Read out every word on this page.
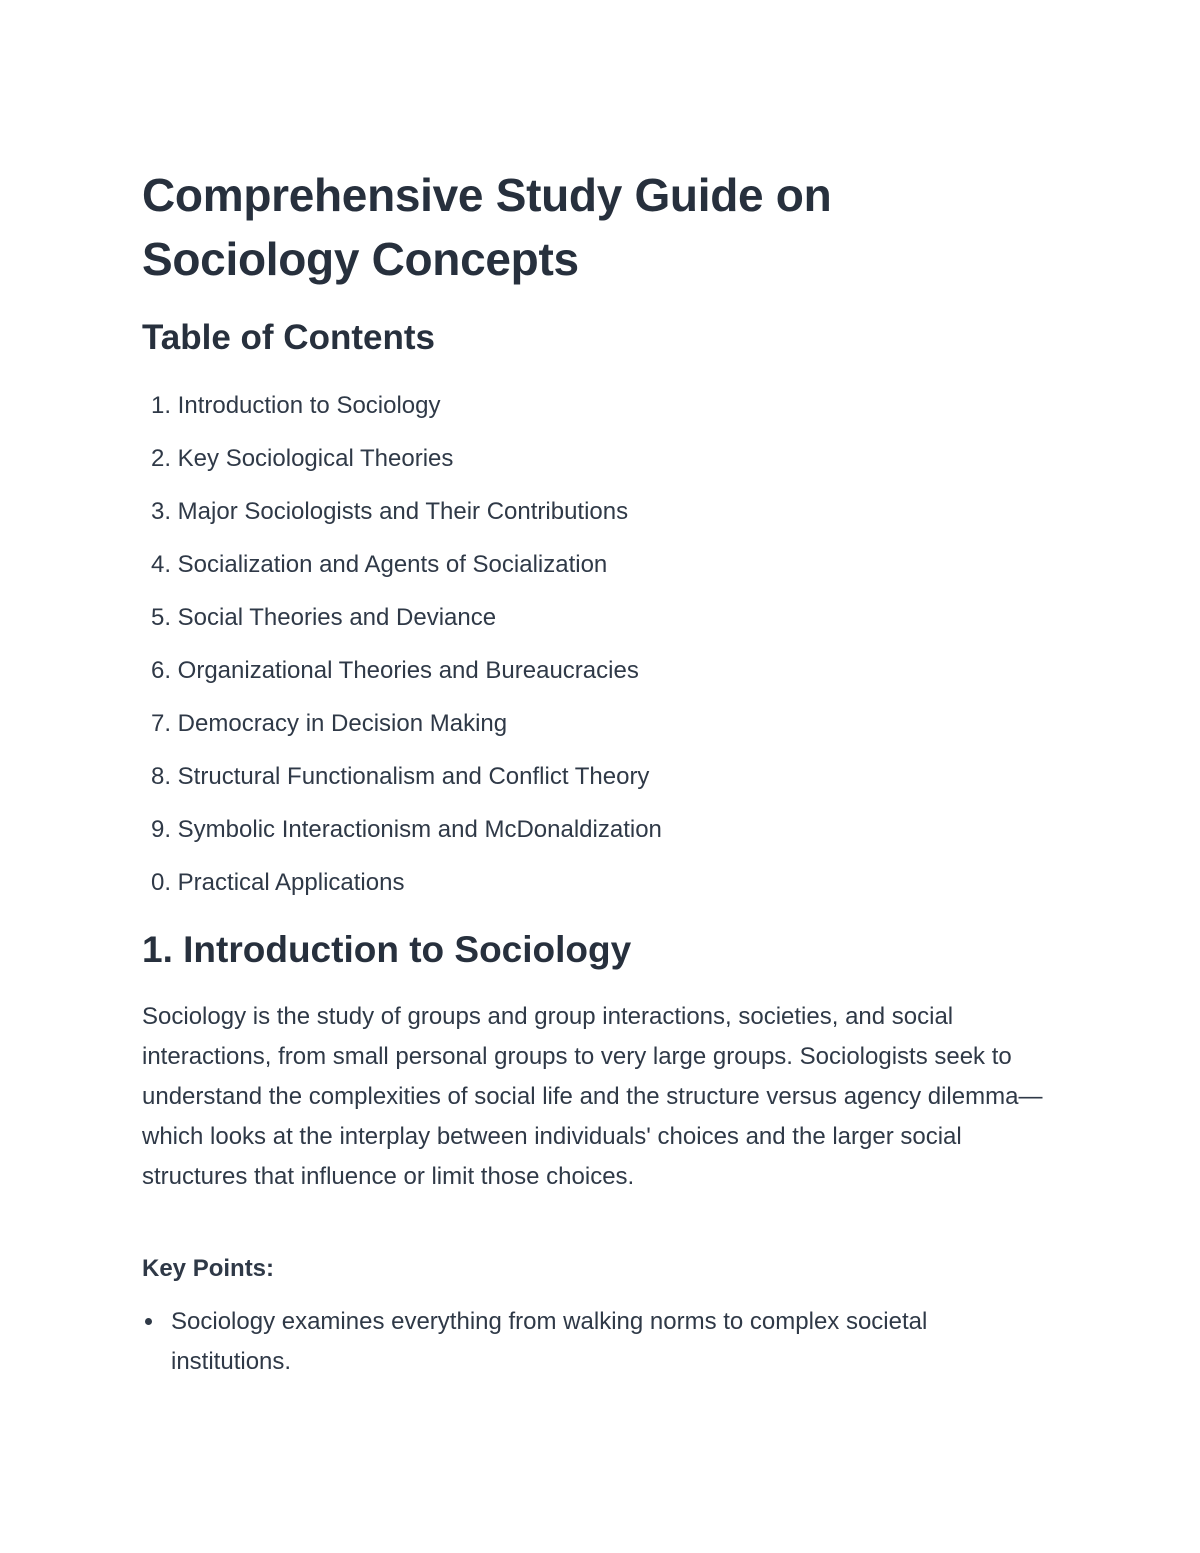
Comprehensive Study Guide on Sociology Concepts
Table of Contents
1. Introduction to Sociology
2. Key Sociological Theories
3. Major Sociologists and Their Contributions
4. Socialization and Agents of Socialization
5. Social Theories and Deviance
6. Organizational Theories and Bureaucracies
7. Democracy in Decision Making
8. Structural Functionalism and Conflict Theory
9. Symbolic Interactionism and McDonaldization
0. Practical Applications
1. Introduction to Sociology

Sociology is the study of groups and group interactions, societies, and social interactions, from small personal groups to very large groups. Sociologists seek to understand the complexities of social life and the structure versus agency dilemma—which looks at the interplay between individuals' choices and the larger social structures that influence or limit those choices.

Key Points:

Sociology examines everything from walking norms to complex societal institutions.
